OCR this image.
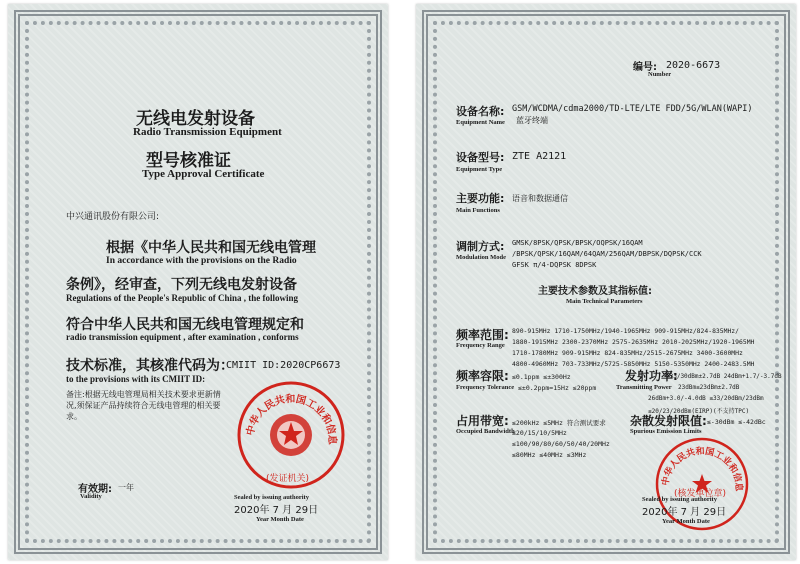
无线电发射设备
Radio Transmission Equipment
型号核准证
Type Approval Certificate
中兴通讯股份有限公司:
根据《中华人民共和国无线电管理
In accordance with the provisions on the Radio
条例》，经审查，下列无线电发射设备
Regulations of the People's Republic of China , the following
符合中华人民共和国无线电管理规定和
radio transmission equipment , after examination , conforms
技术标准，其核准代码为：
CMIIT ID:2020CP6673
to the provisions with its CMIIT ID:
备注:根据无线电管理局相关技术要求更新情
况,须保证产品持续符合无线电管理的相关要
求。
有效期: 一年
Validity
中华人民共和国工业和信息
(发证机关)
Sealed by issuing authority
2020年 7 月 29日
Year Month Date
编号: 2020-6673
Number
设备名称: GSM/WCDMA/cdma2000/TD-LTE/LTE FDD/5G/WLAN(WAPI)
蓝牙终端
Equipment Name
设备型号: ZTE A2121
Equipment Type
主要功能: 语音和数据通信
Main Functions
调制方式: GMSK/8PSK/QPSK/BPSK/OQPSK/16QAM
/BPSK/QPSK/16QAM/64QAM/256QAM/DBPSK/DQPSK/CCK
Modulation Mode
GFSK π/4-DQPSK 8DPSK
主要技术参数及其指标值:
Main Technical Parameters
频率范围:
Frequency Range
890-915MHz 1710-1750MHz/1940-1965MHz 909-915MHz/824-835MHz/
1880-1915MHz 2300-2370MHz 2575-2635MHz 2010-2025MHz/1920-1965MH
1710-1780MHz 909-915MHz 824-835MHz/2515-2675MHz 3400-3600MHz
4800-4960MHz 703-733MHz/5725-5850MHz 5150-5350MHz 2400-2483.5MH
频率容限: ≤0.1ppm ≤±300Hz
Frequency Tolerance ≤±0.2ppm≈15Hz ≤20ppm
发射功率:
≤33/30dBm±2.7dB 24dBm+1.7/-3.7dB
Transmitting Power 23dBm≤23dBm±2.7dB
26dBm+3.0/-4.0dB ≤33/20dBm/23dBm
≤20/23/20dBm(EIRP)(不支持TPC)
占用带宽:
Occupied Bandwidth
≤200kHz ≤5MHz 符合测试要求
≤20/15/10/5MHz
≤100/90/80/60/50/40/20MHz
≤80MHz ≤40MHz ≤3MHz
杂散发射限值: ≤-30dBm ≤-42dBc
Spurious Emission Limits
中华人民共和国工业和信息
(核发单位章)
Sealed by issuing authority
2020年 7 月 29日
Year Month Date
